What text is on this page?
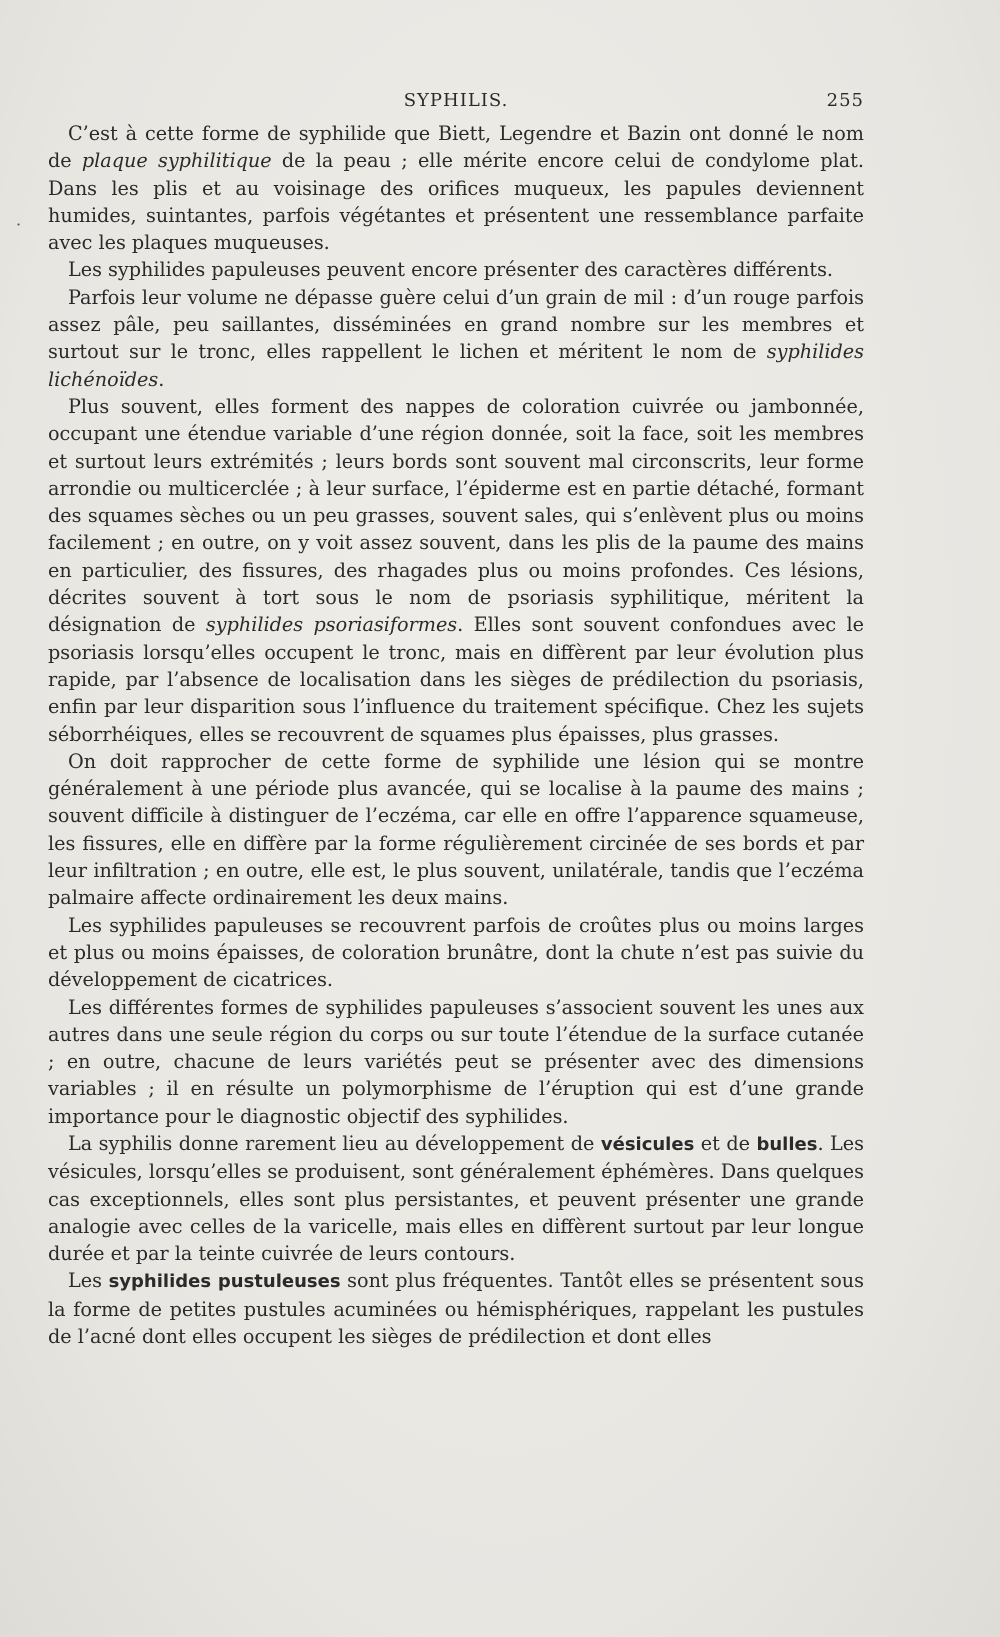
SYPHILIS.	255
·

C’est à cette forme de syphilide que Biett, Legendre et Bazin ont donné le nom de plaque syphilitique de la peau ; elle mérite encore celui de condylome plat. Dans les plis et au voisinage des orifices muqueux, les papules deviennent humides, suintantes, parfois végétantes et présentent une ressemblance parfaite avec les plaques muqueuses.

Les syphilides papuleuses peuvent encore présenter des caractères différents.

Parfois leur volume ne dépasse guère celui d’un grain de mil : d’un rouge parfois assez pâle, peu saillantes, disséminées en grand nombre sur les membres et surtout sur le tronc, elles rappellent le lichen et méritent le nom de syphilides lichénoïdes.

Plus souvent, elles forment des nappes de coloration cuivrée ou jambonnée, occupant une étendue variable d’une région donnée, soit la face, soit les membres et surtout leurs extrémités ; leurs bords sont souvent mal circonscrits, leur forme arrondie ou multicerclée ; à leur surface, l’épiderme est en partie détaché, formant des squames sèches ou un peu grasses, souvent sales, qui s’enlèvent plus ou moins facilement ; en outre, on y voit assez souvent, dans les plis de la paume des mains en particulier, des fissures, des rhagades plus ou moins profondes. Ces lésions, décrites souvent à tort sous le nom de psoriasis syphilitique, méritent la désignation de syphilides psoriasiformes. Elles sont souvent confondues avec le psoriasis lorsqu’elles occupent le tronc, mais en diffèrent par leur évolution plus rapide, par l’absence de localisation dans les sièges de prédilection du psoriasis, enfin par leur disparition sous l’influence du traitement spécifique. Chez les sujets séborrhéiques, elles se recouvrent de squames plus épaisses, plus grasses.

On doit rapprocher de cette forme de syphilide une lésion qui se montre généralement à une période plus avancée, qui se localise à la paume des mains ; souvent difficile à distinguer de l’eczéma, car elle en offre l’apparence squameuse, les fissures, elle en diffère par la forme régulièrement circinée de ses bords et par leur infiltration ; en outre, elle est, le plus souvent, unilatérale, tandis que l’eczéma palmaire affecte ordinairement les deux mains.

Les syphilides papuleuses se recouvrent parfois de croûtes plus ou moins larges et plus ou moins épaisses, de coloration brunâtre, dont la chute n’est pas suivie du développement de cicatrices.

Les différentes formes de syphilides papuleuses s’associent souvent les unes aux autres dans une seule région du corps ou sur toute l’étendue de la surface cutanée ; en outre, chacune de leurs variétés peut se présenter avec des dimensions variables ; il en résulte un polymorphisme de l’éruption qui est d’une grande importance pour le diagnostic objectif des syphilides.

La syphilis donne rarement lieu au développement de vésicules et de bulles. Les vésicules, lorsqu’elles se produisent, sont généralement éphémères. Dans quelques cas exceptionnels, elles sont plus persistantes, et peuvent présenter une grande analogie avec celles de la varicelle, mais elles en diffèrent surtout par leur longue durée et par la teinte cuivrée de leurs contours.

Les syphilides pustuleuses sont plus fréquentes. Tantôt elles se présentent sous la forme de petites pustules acuminées ou hémisphériques, rappelant les pustules de l’acné dont elles occupent les sièges de prédilection et dont elles
